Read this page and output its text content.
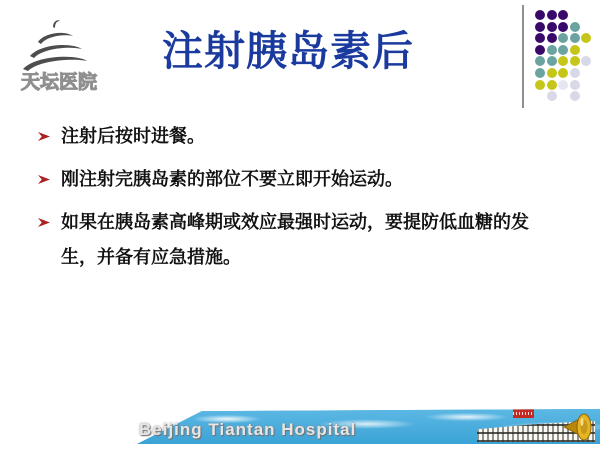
天坛医院
注射胰岛素后
注射后按时进餐。
刚注射完胰岛素的部位不要立即开始运动。
如果在胰岛素高峰期或效应最强时运动，要提防低血糖的发生，并备有应急措施。
Beijing Tiantan Hospital
